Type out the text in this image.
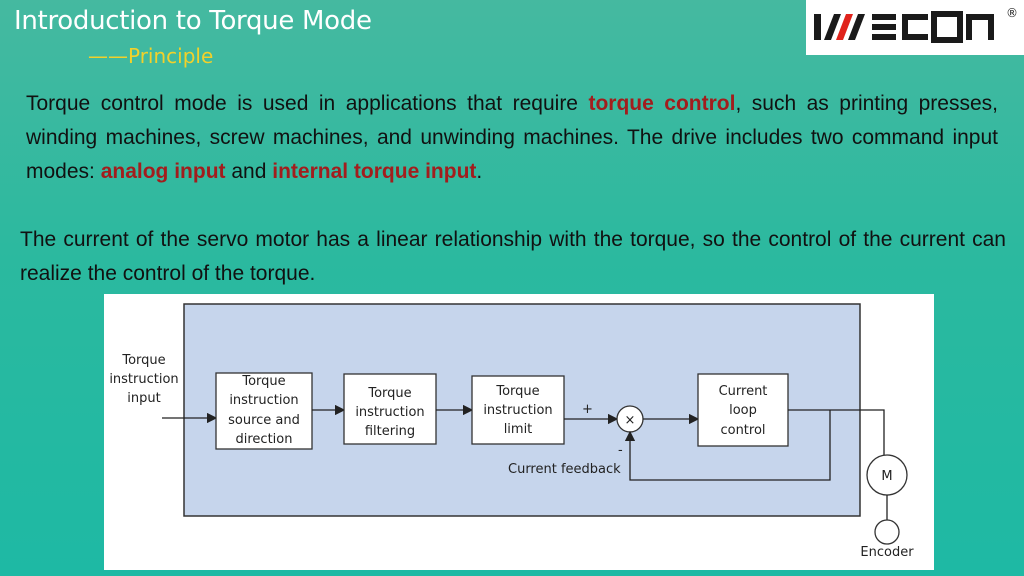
Introduction to Torque Mode
——Principle
®
Torque control mode is used in applications that require torque control, such as printing presses, winding machines, screw machines, and unwinding machines. The drive includes two command input modes: analog input and internal torque input.
The current of the servo motor has a linear relationship with the torque, so the control of the current can realize the control of the torque.
Torque
instruction
input
Torque
instruction
source and
direction
Torque
instruction
filtering
Torque
instruction
limit
+
×
-
Current
loop
control
Current feedback	M
Encoder
